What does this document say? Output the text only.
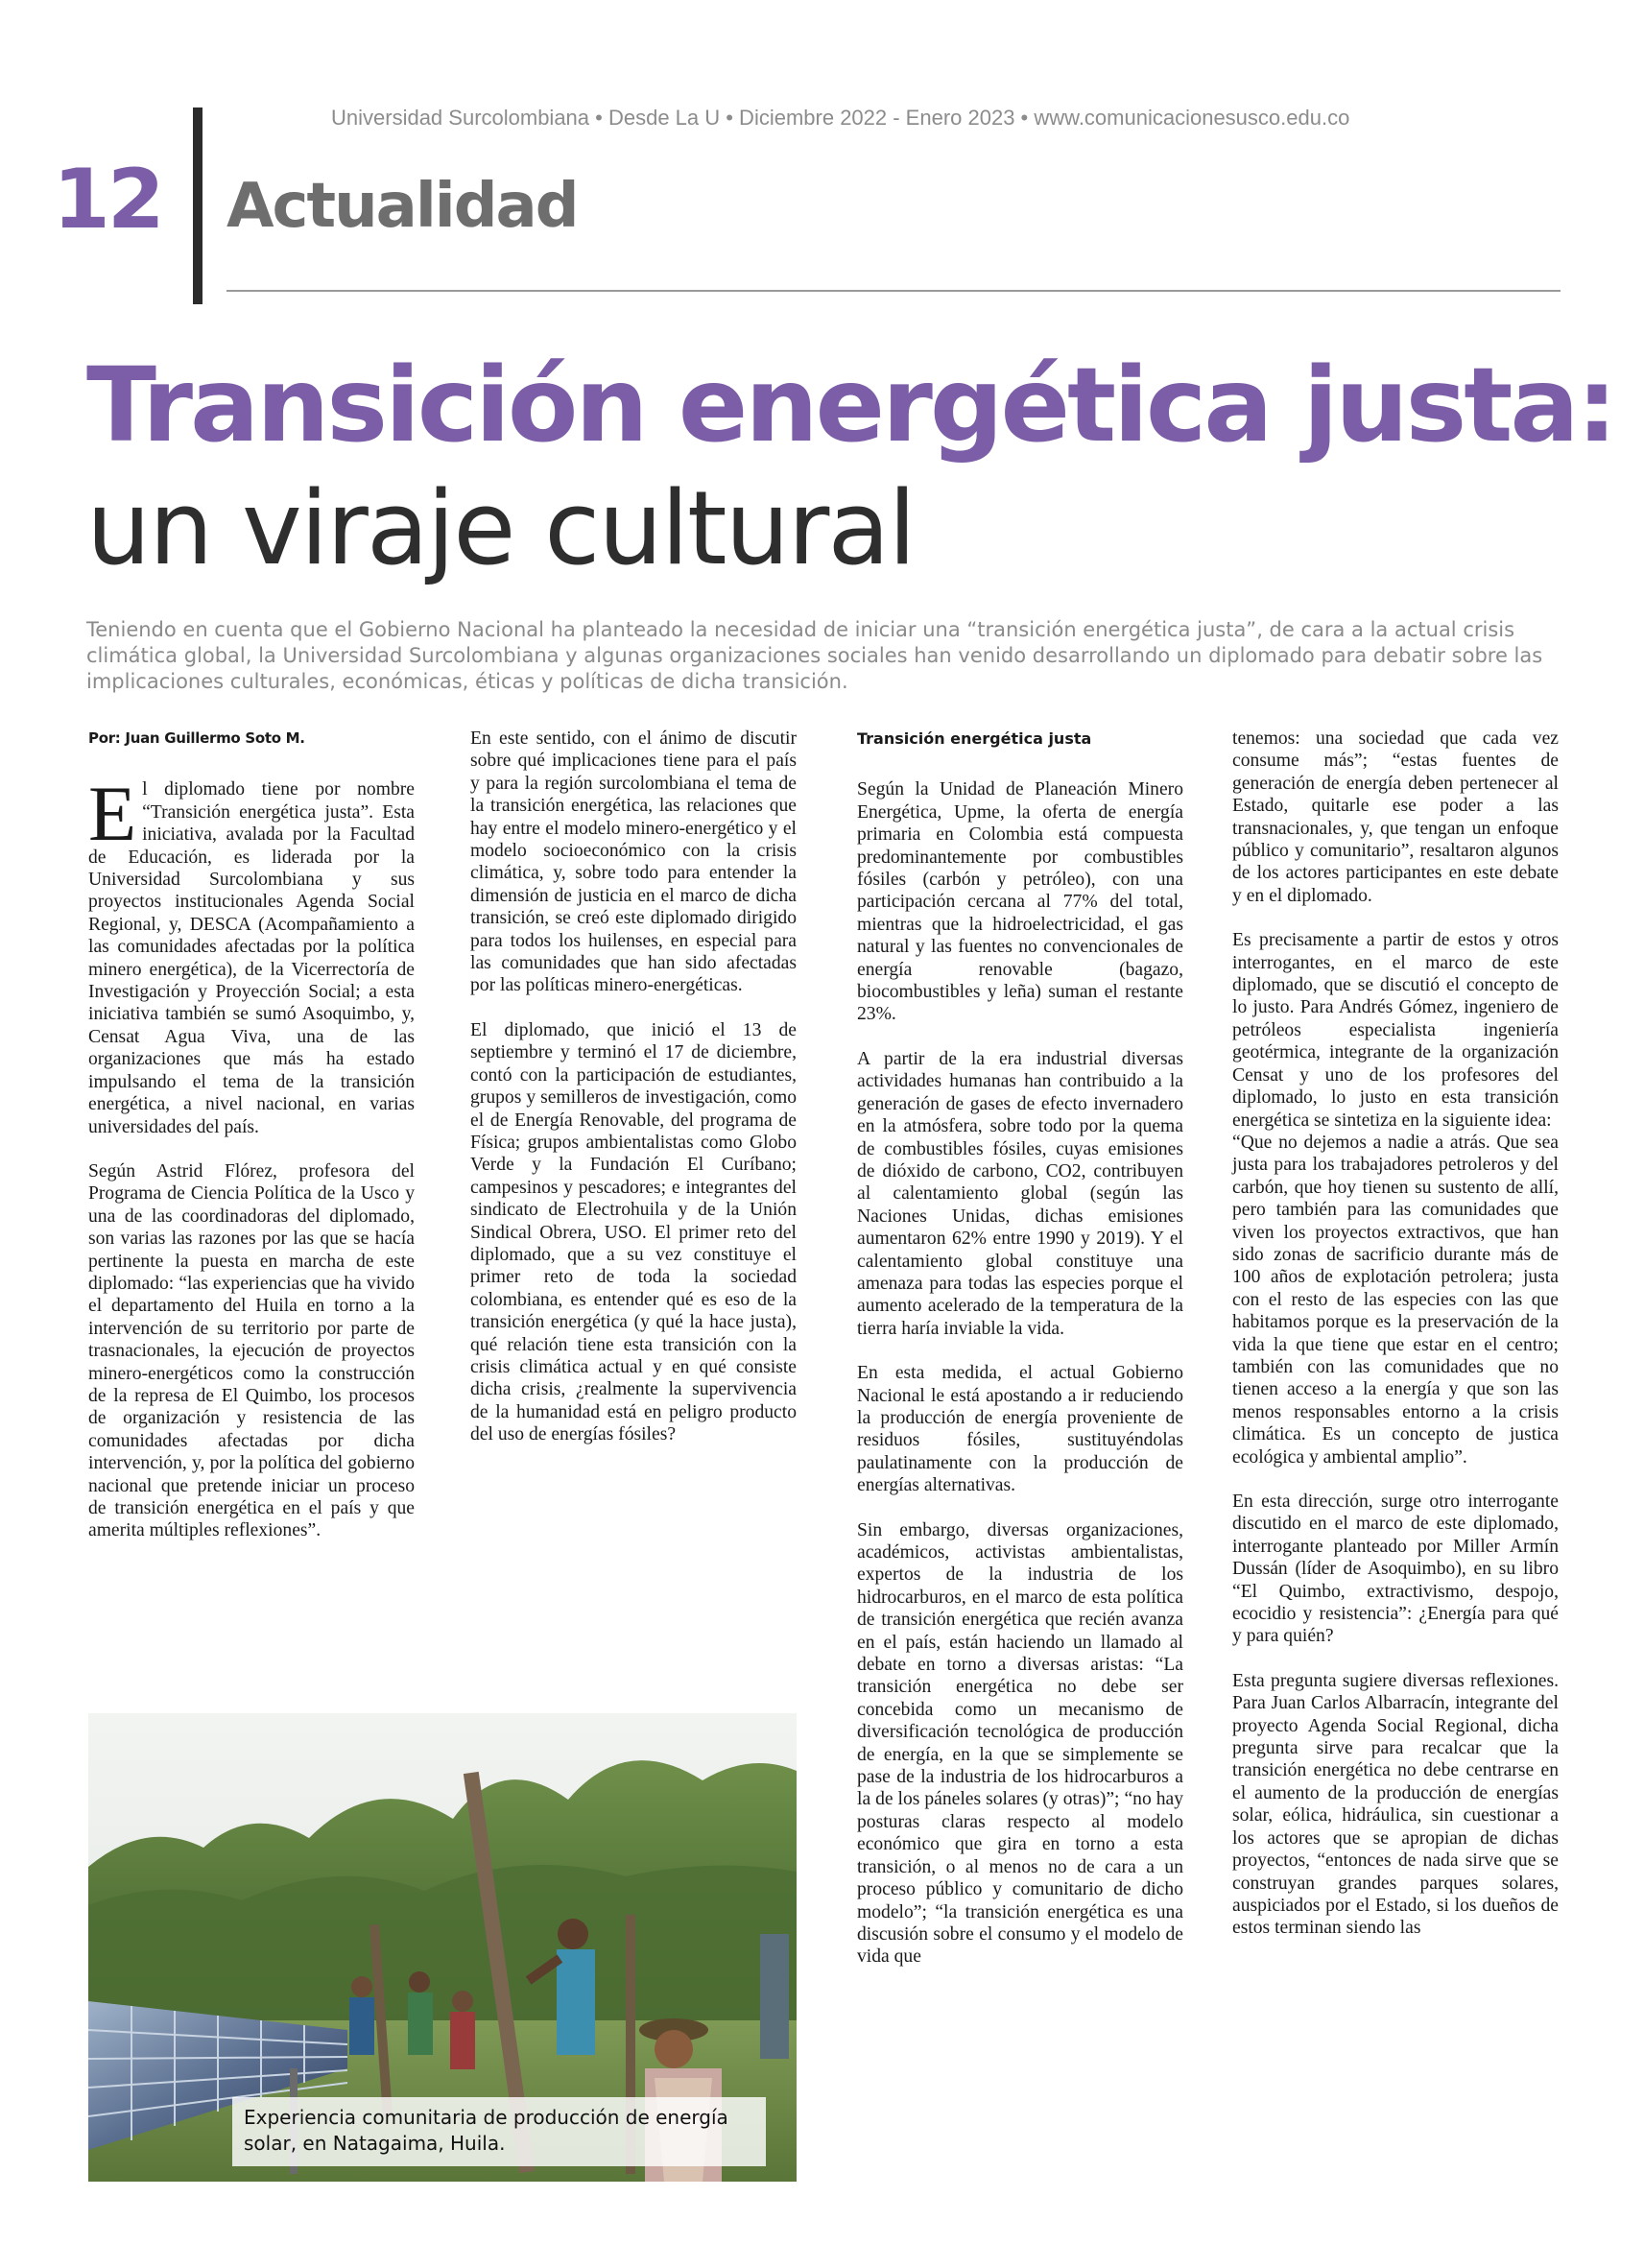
Universidad Surcolombiana • Desde La U • Diciembre 2022 - Enero 2023 • www.comunicacionesusco.edu.co
12 Actualidad
Transición energética justa:
un viraje cultural
Teniendo en cuenta que el Gobierno Nacional ha planteado la necesidad de iniciar una “transición energética justa”, de cara a la actual crisis climática global, la Universidad Surcolombiana y algunas organizaciones sociales han venido desarrollando un diplomado para debatir sobre las implicaciones culturales, económicas, éticas y políticas de dicha transición.

Por: Juan Guillermo Soto M.

El diplomado tiene por nombre “Transición energética justa”. Esta iniciativa, avalada por la Facultad de Educación, es liderada por la Universidad Surcolombiana y sus proyectos institucionales Agenda Social Regional, y, DESCA (Acompañamiento a las comunidades afectadas por la política minero energética), de la Vicerrectoría de Investigación y Proyección Social; a esta iniciativa también se sumó Asoquimbo, y, Censat Agua Viva, una de las organizaciones que más ha estado impulsando el tema de la transición energética, a nivel nacional, en varias universidades del país.

Según Astrid Flórez, profesora del Programa de Ciencia Política de la Usco y una de las coordinadoras del diplomado, son varias las razones por las que se hacía pertinente la puesta en marcha de este diplomado: “las experiencias que ha vivido el departamento del Huila en torno a la intervención de su territorio por parte de trasnacionales, la ejecución de proyectos minero-energéticos como la construcción de la represa de El Quimbo, los procesos de organización y resistencia de las comunidades afectadas por dicha intervención, y, por la política del gobierno nacional que pretende iniciar un proceso de transición energética en el país y que amerita múltiples reflexiones”.

En este sentido, con el ánimo de discutir sobre qué implicaciones tiene para el país y para la región surcolombiana el tema de la transición energética, las relaciones que hay entre el modelo minero-energético y el modelo socioeconómico con la crisis climática, y, sobre todo para entender la dimensión de justicia en el marco de dicha transición, se creó este diplomado dirigido para todos los huilenses, en especial para las comunidades que han sido afectadas por las políticas minero-energéticas.

El diplomado, que inició el 13 de septiembre y terminó el 17 de diciembre, contó con la participación de estudiantes, grupos y semilleros de investigación, como el de Energía Renovable, del programa de Física; grupos ambientalistas como Globo Verde y la Fundación El Curíbano; campesinos y pescadores; e integrantes del sindicato de Electrohuila y de la Unión Sindical Obrera, USO. El primer reto del diplomado, que a su vez constituye el primer reto de toda la sociedad colombiana, es entender qué es eso de la transición energética (y qué la hace justa), qué relación tiene esta transición con la crisis climática actual y en qué consiste dicha crisis, ¿realmente la supervivencia de la humanidad está en peligro producto del uso de energías fósiles?

Transición energética justa

Según la Unidad de Planeación Minero Energética, Upme, la oferta de energía primaria en Colombia está compuesta predominantemente por combustibles fósiles (carbón y petróleo), con una participación cercana al 77% del total, mientras que la hidroelectricidad, el gas natural y las fuentes no convencionales de energía renovable (bagazo, biocombustibles y leña) suman el restante 23%.

A partir de la era industrial diversas actividades humanas han contribuido a la generación de gases de efecto invernadero en la atmósfera, sobre todo por la quema de combustibles fósiles, cuyas emisiones de dióxido de carbono, CO2, contribuyen al calentamiento global (según las Naciones Unidas, dichas emisiones aumentaron 62% entre 1990 y 2019). Y el calentamiento global constituye una amenaza para todas las especies porque el aumento acelerado de la temperatura de la tierra haría inviable la vida.

En esta medida, el actual Gobierno Nacional le está apostando a ir reduciendo la producción de energía proveniente de residuos fósiles, sustituyéndolas paulatinamente con la producción de energías alternativas.

Sin embargo, diversas organizaciones, académicos, activistas ambientalistas, expertos de la industria de los hidrocarburos, en el marco de esta política de transición energética que recién avanza en el país, están haciendo un llamado al debate en torno a diversas aristas: “La transición energética no debe ser concebida como un mecanismo de diversificación tecnológica de producción de energía, en la que se simplemente se pase de la industria de los hidrocarburos a la de los páneles solares (y otras)”; “no hay posturas claras respecto al modelo económico que gira en torno a esta transición, o al menos no de cara a un proceso público y comunitario de dicho modelo”; “la transición energética es una discusión sobre el consumo y el modelo de vida que

tenemos: una sociedad que cada vez consume más”; “estas fuentes de generación de energía deben pertenecer al Estado, quitarle ese poder a las transnacionales, y, que tengan un enfoque público y comunitario”, resaltaron algunos de los actores participantes en este debate y en el diplomado.

Es precisamente a partir de estos y otros interrogantes, en el marco de este diplomado, que se discutió el concepto de lo justo. Para Andrés Gómez, ingeniero de petróleos especialista ingeniería geotérmica, integrante de la organización Censat y uno de los profesores del diplomado, lo justo en esta transición energética se sintetiza en la siguiente idea:
“Que no dejemos a nadie a atrás. Que sea justa para los trabajadores petroleros y del carbón, que hoy tienen su sustento de allí, pero también para las comunidades que viven los proyectos extractivos, que han sido zonas de sacrificio durante más de 100 años de explotación petrolera; justa con el resto de las especies con las que habitamos porque es la preservación de la vida la que tiene que estar en el centro; también con las comunidades que no tienen acceso a la energía y que son las menos responsables entorno a la crisis climática. Es un concepto de justica ecológica y ambiental amplio”.

En esta dirección, surge otro interrogante discutido en el marco de este diplomado, interrogante planteado por Miller Armín Dussán (líder de Asoquimbo), en su libro “El Quimbo, extractivismo, despojo, ecocidio y resistencia”: ¿Energía para qué y para quién?

Esta pregunta sugiere diversas reflexiones. Para Juan Carlos Albarracín, integrante del proyecto Agenda Social Regional, dicha pregunta sirve para recalcar que la transición energética no debe centrarse en el aumento de la producción de energías solar, eólica, hidráulica, sin cuestionar a los actores que se apropian de dichas proyectos, “entonces de nada sirve que se construyan grandes parques solares, auspiciados por el Estado, si los dueños de estos terminan siendo las

Experiencia comunitaria de producción de energía solar, en Natagaima, Huila.
